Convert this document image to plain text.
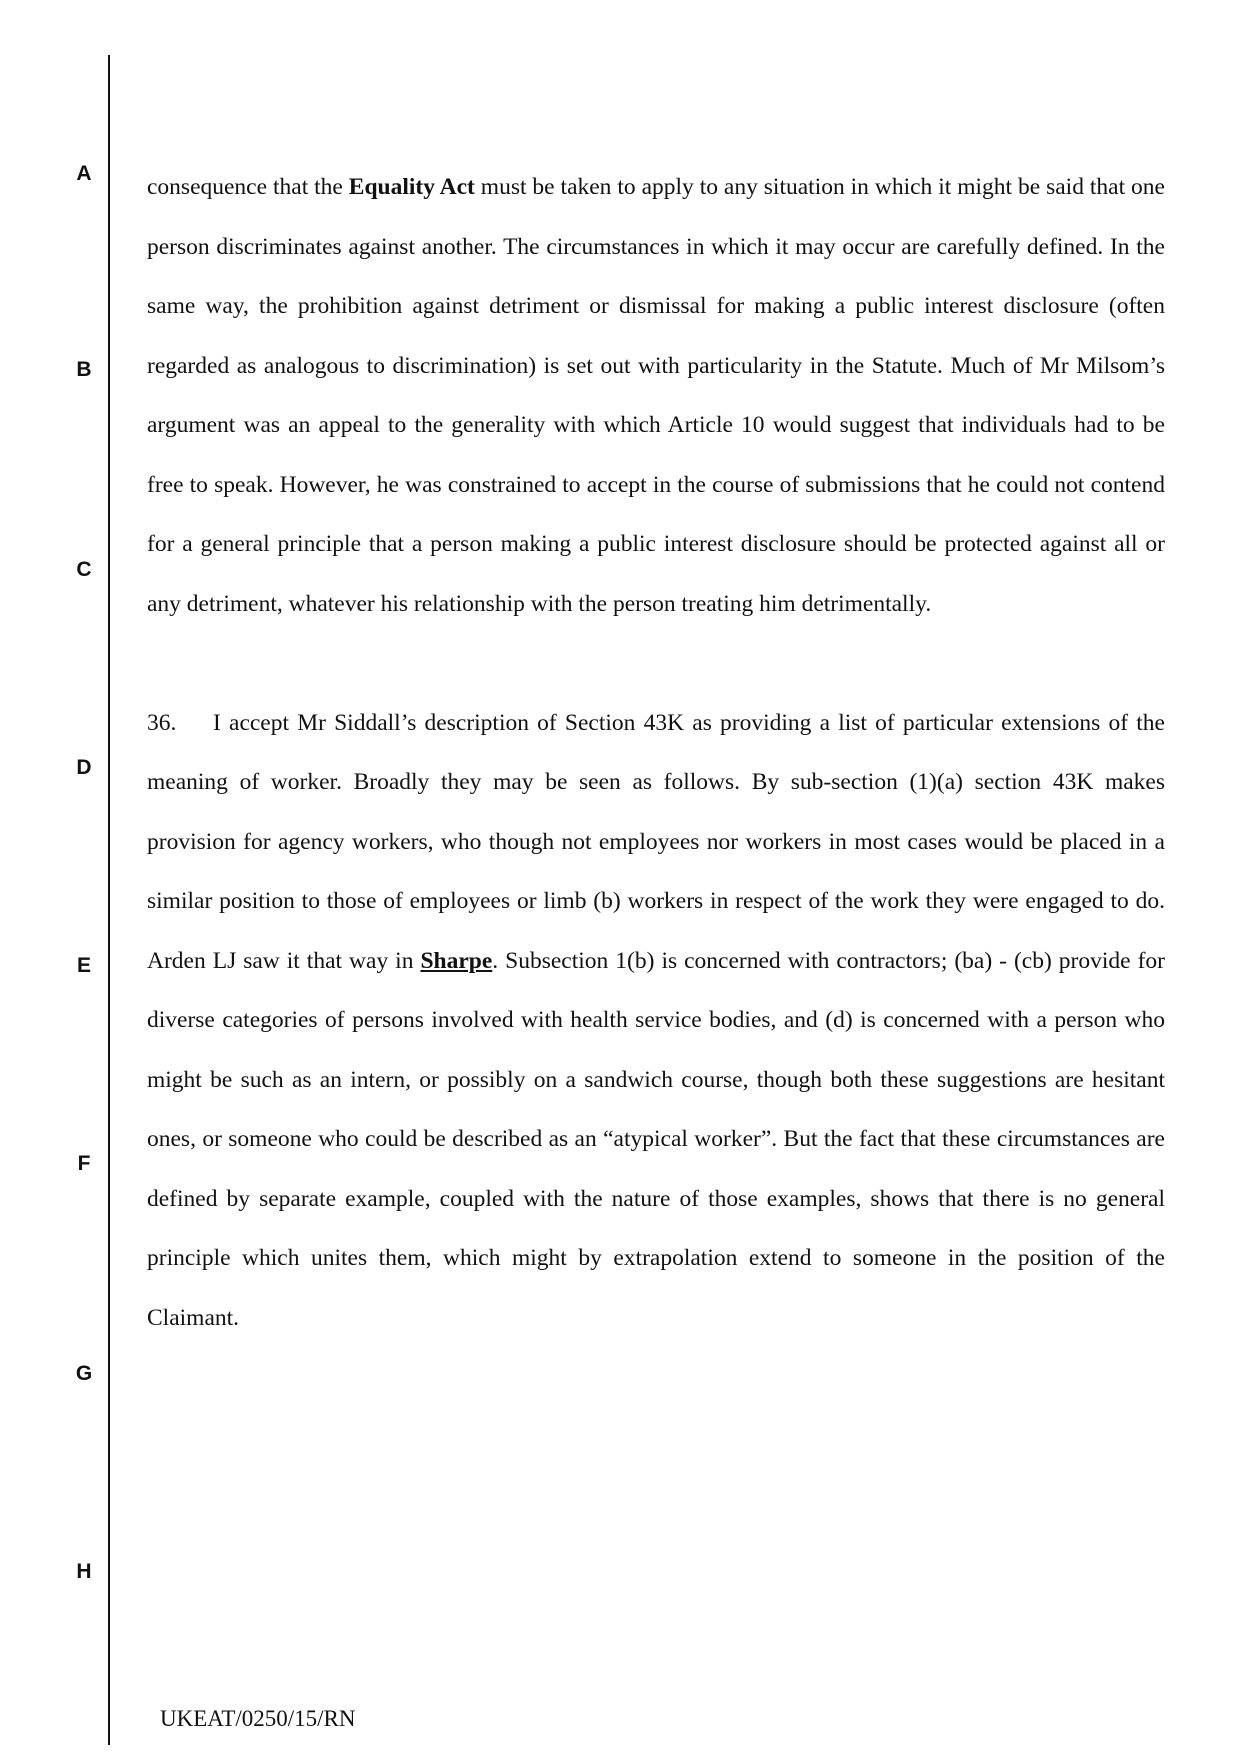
A
B
C
D
E
F
G
H

consequence that the Equality Act must be taken to apply to any situation in which it might be said that one person discriminates against another. The circumstances in which it may occur are carefully defined. In the same way, the prohibition against detriment or dismissal for making a public interest disclosure (often regarded as analogous to discrimination) is set out with particularity in the Statute. Much of Mr Milsom’s argument was an appeal to the generality with which Article 10 would suggest that individuals had to be free to speak. However, he was constrained to accept in the course of submissions that he could not contend for a general principle that a person making a public interest disclosure should be protected against all or any detriment, whatever his relationship with the person treating him detrimentally.

36. I accept Mr Siddall’s description of Section 43K as providing a list of particular extensions of the meaning of worker. Broadly they may be seen as follows. By sub-section (1)(a) section 43K makes provision for agency workers, who though not employees nor workers in most cases would be placed in a similar position to those of employees or limb (b) workers in respect of the work they were engaged to do. Arden LJ saw it that way in Sharpe. Subsection 1(b) is concerned with contractors; (ba) - (cb) provide for diverse categories of persons involved with health service bodies, and (d) is concerned with a person who might be such as an intern, or possibly on a sandwich course, though both these suggestions are hesitant ones, or someone who could be described as an “atypical worker”. But the fact that these circumstances are defined by separate example, coupled with the nature of those examples, shows that there is no general principle which unites them, which might by extrapolation extend to someone in the position of the Claimant.

UKEAT/0250/15/RN
